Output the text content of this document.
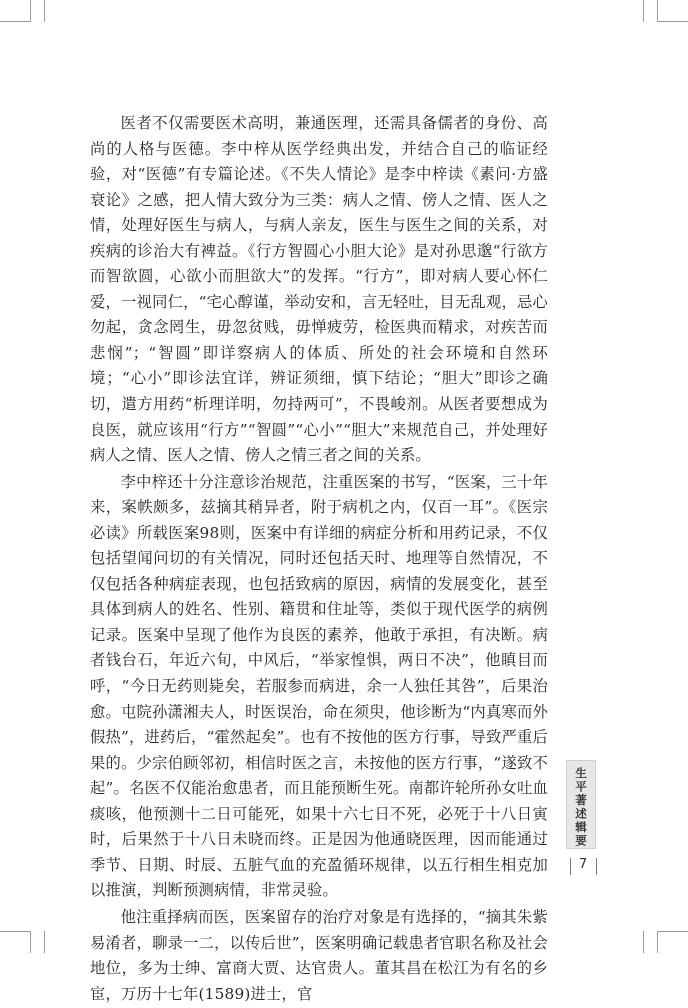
医者不仅需要医术高明，兼通医理，还需具备儒者的身份、高尚的人格与医德。李中梓从医学经典出发，并结合自己的临证经验，对“医德”有专篇论述。《不失人情论》是李中梓读《素问·方盛衰论》之感，把人情大致分为三类：病人之情、傍人之情、医人之情，处理好医生与病人，与病人亲友，医生与医生之间的关系，对疾病的诊治大有裨益。《行方智圆心小胆大论》是对孙思邈“行欲方而智欲圆，心欲小而胆欲大”的发挥。“行方”，即对病人要心怀仁爱，一视同仁，“宅心醇谨，举动安和，言无轻吐，目无乱观，忌心勿起，贪念罔生，毋忽贫贱，毋惮疲劳，检医典而精求，对疾苦而悲悯”；“智圆”即详察病人的体质、所处的社会环境和自然环境；“心小”即诊法宜详，辨证须细，慎下结论；“胆大”即诊之确切，遣方用药“析理详明，勿持两可”，不畏峻剂。从医者要想成为良医，就应该用“行方”“智圆”“心小”“胆大”来规范自己，并处理好病人之情、医人之情、傍人之情三者之间的关系。

李中梓还十分注意诊治规范，注重医案的书写，“医案，三十年来，案帙颇多，兹摘其稍异者，附于病机之内，仅百一耳”。《医宗必读》所载医案98则，医案中有详细的病症分析和用药记录，不仅包括望闻问切的有关情况，同时还包括天时、地理等自然情况，不仅包括各种病症表现，也包括致病的原因，病情的发展变化，甚至具体到病人的姓名、性别、籍贯和住址等，类似于现代医学的病例记录。医案中呈现了他作为良医的素养，他敢于承担，有决断。病者钱台石，年近六旬，中风后，“举家惶惧，两日不决”，他瞋目而呼，“今日无药则毙矣，若服参而病进，余一人独任其咎”，后果治愈。屯院孙潇湘夫人，时医误治，命在须臾，他诊断为“内真寒而外假热”，进药后，“霍然起矣”。也有不按他的医方行事，导致严重后果的。少宗伯顾邻初，相信时医之言，未按他的医方行事，“遂致不起”。名医不仅能治愈患者，而且能预断生死。南都许轮所孙女吐血痰咳，他预测十二日可能死，如果十六七日不死，必死于十八日寅时，后果然于十八日未晓而终。正是因为他通晓医理，因而能通过季节、日期、时辰、五脏气血的充盈循环规律，以五行相生相克加以推演，判断预测病情，非常灵验。

他注重择病而医，医案留存的治疗对象是有选择的，“摘其朱紫易淆者，聊录一二，以传后世”，医案明确记载患者官职名称及社会地位，多为士绅、富商大贾、达官贵人。董其昌在松江为有名的乡宦，万历十七年(1589)进士，官

生平著述辑要
7
